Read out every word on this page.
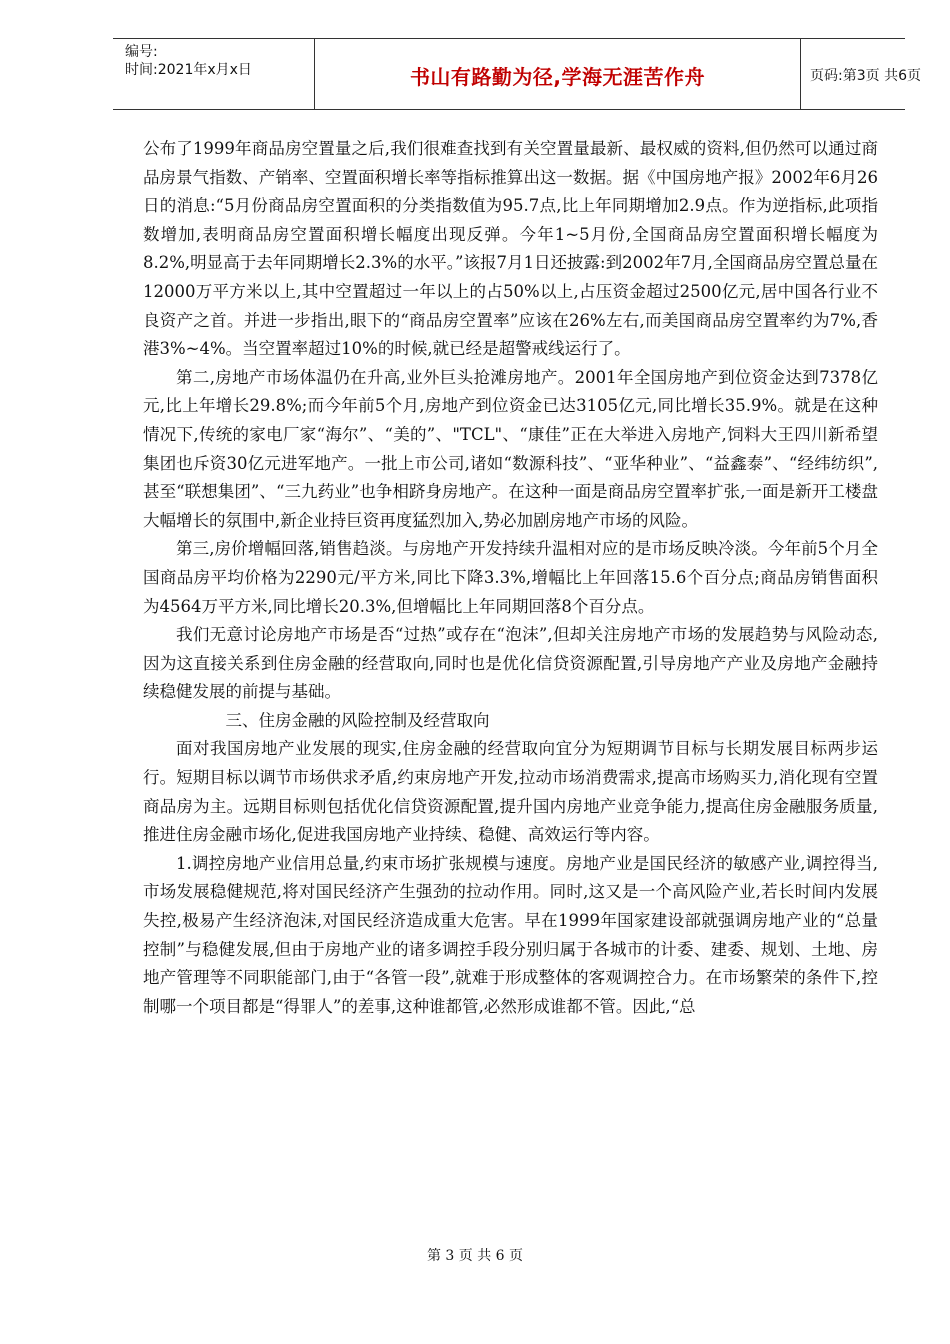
编号:
时间:2021年x月x日	书山有路勤为径,学海无涯苦作舟	页码:第3页 共6页

公布了1999年商品房空置量之后,我们很难查找到有关空置量最新、最权威的资料,但仍然可以通过商品房景气指数、产销率、空置面积增长率等指标推算出这一数据。据《中国房地产报》2002年6月26日的消息:“5月份商品房空置面积的分类指数值为95.7点,比上年同期增加2.9点。作为逆指标,此项指数增加,表明商品房空置面积增长幅度出现反弹。今年1~5月份,全国商品房空置面积增长幅度为8.2%,明显高于去年同期增长2.3%的水平。”该报7月1日还披露:到2002年7月,全国商品房空置总量在12000万平方米以上,其中空置超过一年以上的占50%以上,占压资金超过2500亿元,居中国各行业不良资产之首。并进一步指出,眼下的“商品房空置率”应该在26%左右,而美国商品房空置率约为7%,香港3%~4%。当空置率超过10%的时候,就已经是超警戒线运行了。

第二,房地产市场体温仍在升高,业外巨头抢滩房地产。2001年全国房地产到位资金达到7378亿元,比上年增长29.8%;而今年前5个月,房地产到位资金已达3105亿元,同比增长35.9%。就是在这种情况下,传统的家电厂家“海尔”、“美的”、"TCL"、“康佳”正在大举进入房地产,饲料大王四川新希望集团也斥资30亿元进军地产。一批上市公司,诸如“数源科技”、“亚华种业”、“益鑫泰”、“经纬纺织”,甚至“联想集团”、“三九药业”也争相跻身房地产。在这种一面是商品房空置率扩张,一面是新开工楼盘大幅增长的氛围中,新企业持巨资再度猛烈加入,势必加剧房地产市场的风险。

第三,房价增幅回落,销售趋淡。与房地产开发持续升温相对应的是市场反映冷淡。今年前5个月全国商品房平均价格为2290元/平方米,同比下降3.3%,增幅比上年回落15.6个百分点;商品房销售面积为4564万平方米,同比增长20.3%,但增幅比上年同期回落8个百分点。

我们无意讨论房地产市场是否“过热”或存在“泡沫”,但却关注房地产市场的发展趋势与风险动态,因为这直接关系到住房金融的经营取向,同时也是优化信贷资源配置,引导房地产产业及房地产金融持续稳健发展的前提与基础。

三、住房金融的风险控制及经营取向

面对我国房地产业发展的现实,住房金融的经营取向宜分为短期调节目标与长期发展目标两步运行。短期目标以调节市场供求矛盾,约束房地产开发,拉动市场消费需求,提高市场购买力,消化现有空置商品房为主。远期目标则包括优化信贷资源配置,提升国内房地产业竞争能力,提高住房金融服务质量,推进住房金融市场化,促进我国房地产业持续、稳健、高效运行等内容。

1.调控房地产业信用总量,约束市场扩张规模与速度。房地产业是国民经济的敏感产业,调控得当,市场发展稳健规范,将对国民经济产生强劲的拉动作用。同时,这又是一个高风险产业,若长时间内发展失控,极易产生经济泡沫,对国民经济造成重大危害。早在1999年国家建设部就强调房地产业的“总量控制”与稳健发展,但由于房地产业的诸多调控手段分别归属于各城市的计委、建委、规划、土地、房地产管理等不同职能部门,由于“各管一段”,就难于形成整体的客观调控合力。在市场繁荣的条件下,控制哪一个项目都是“得罪人”的差事,这种谁都管,必然形成谁都不管。因此,“总

第 3 页 共 6 页
